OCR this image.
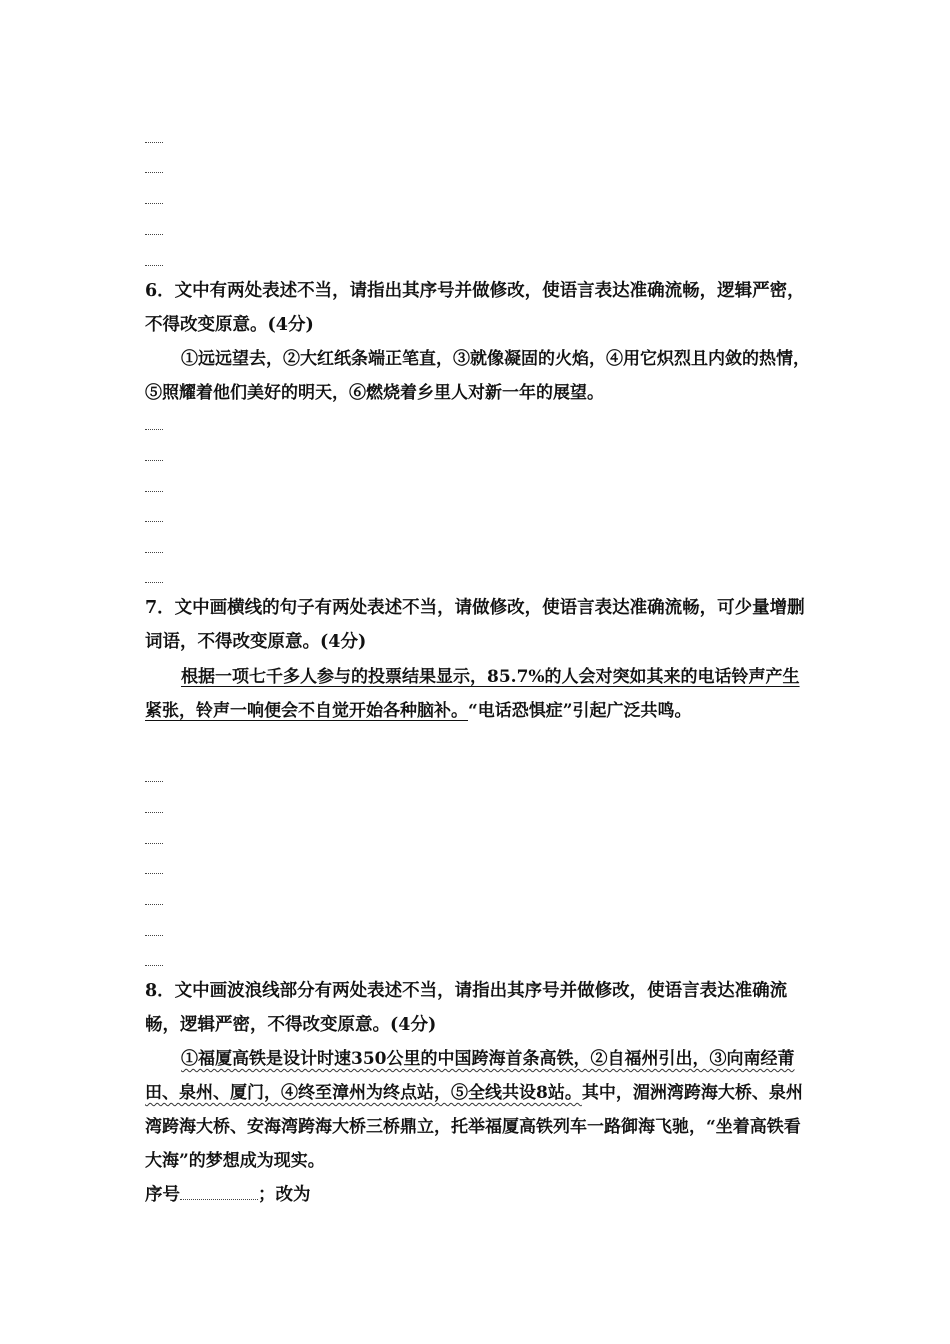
6．文中有两处表述不当，请指出其序号并做修改，使语言表达准确流畅，逻辑严密，不得改变原意。(4分)

①远远望去，②大红纸条端正笔直，③就像凝固的火焰，④用它炽烈且内敛的热情，⑤照耀着他们美好的明天，⑥燃烧着乡里人对新一年的展望。

7．文中画横线的句子有两处表述不当，请做修改，使语言表达准确流畅，可少量增删词语，不得改变原意。(4分)

根据一项七千多人参与的投票结果显示，85.7%的人会对突如其来的电话铃声产生紧张，铃声一响便会不自觉开始各种脑补。“电话恐惧症”引起广泛共鸣。

8．文中画波浪线部分有两处表述不当，请指出其序号并做修改，使语言表达准确流畅，逻辑严密，不得改变原意。(4分)

①福厦高铁是设计时速350公里的中国跨海首条高铁，②自福州引出，③向南经莆田、泉州、厦门，④终至漳州为终点站，⑤全线共设8站。其中，湄洲湾跨海大桥、泉州湾跨海大桥、安海湾跨海大桥三桥鼎立，托举福厦高铁列车一路御海飞驰，“坐着高铁看大海”的梦想成为现实。

序号	；改为
